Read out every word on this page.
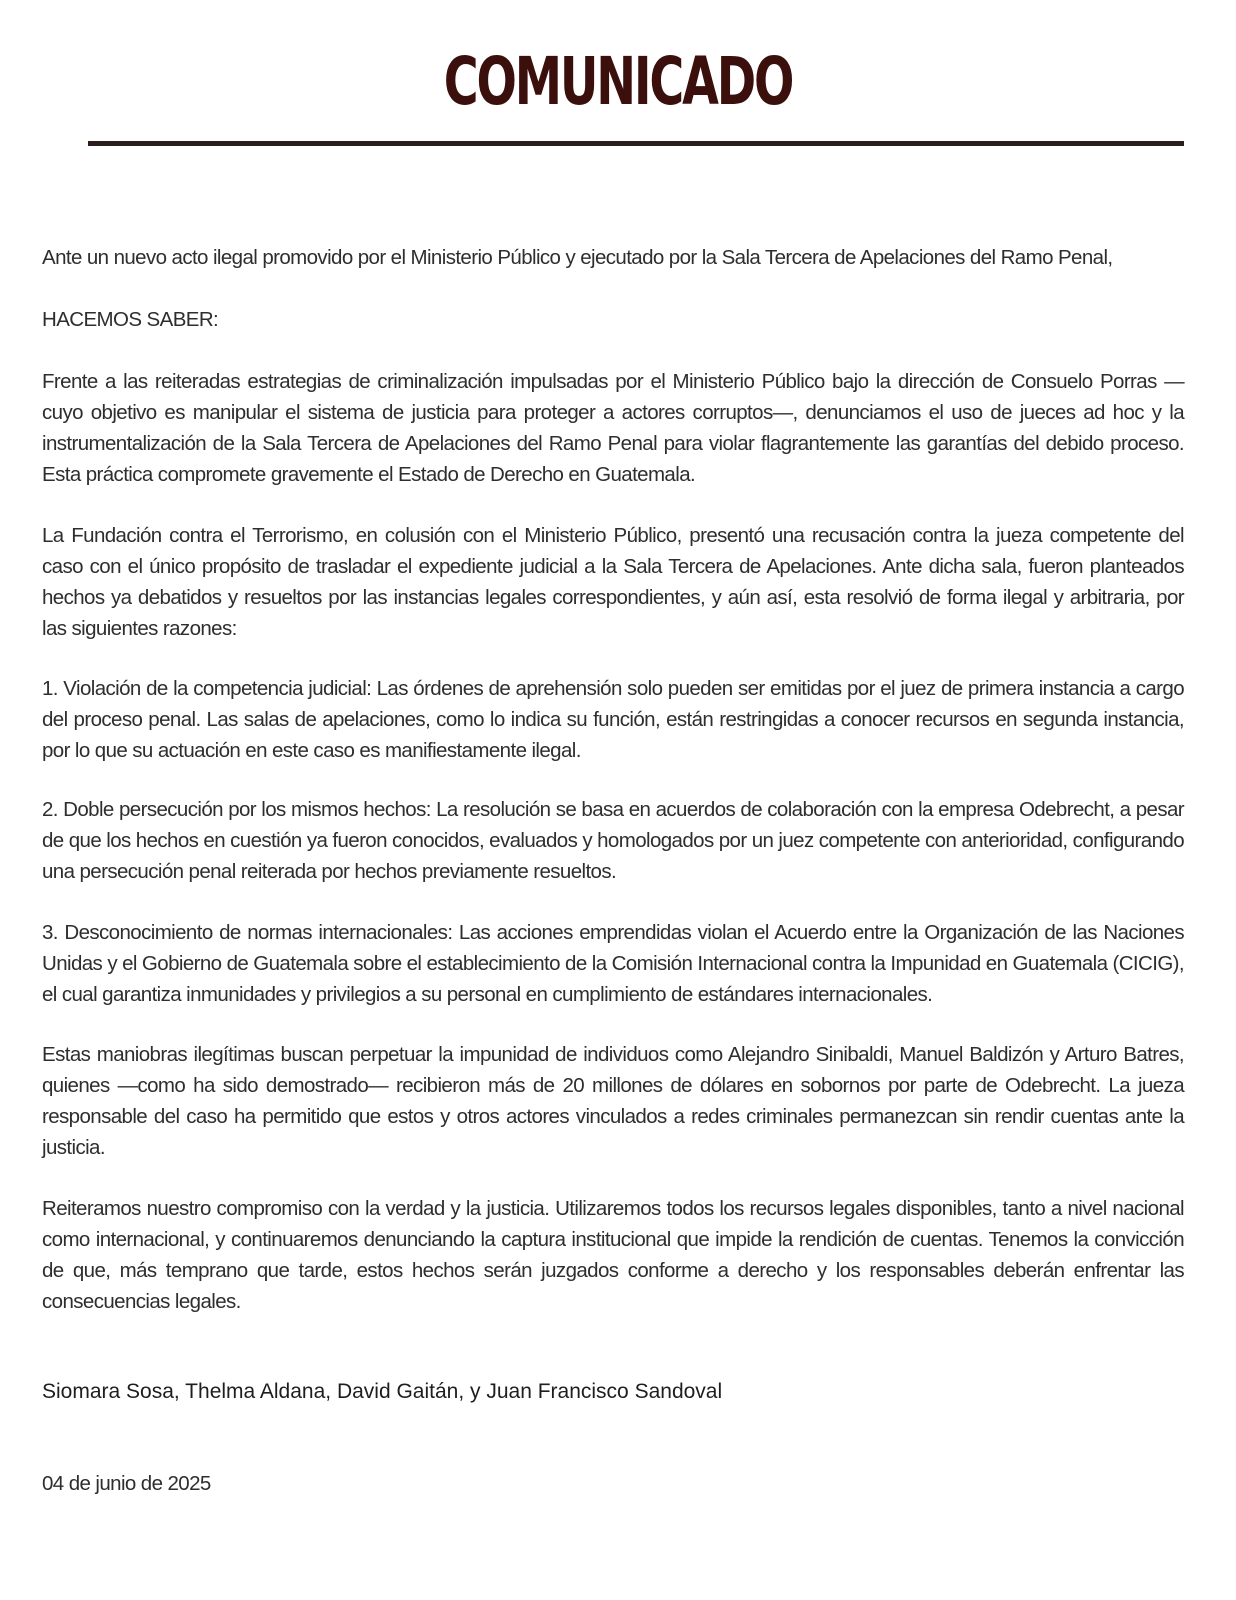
COMUNICADO

Ante un nuevo acto ilegal promovido por el Ministerio Público y ejecutado por la Sala Tercera de Apelaciones del Ramo Penal,

HACEMOS SABER:

Frente a las reiteradas estrategias de criminalización impulsadas por el Ministerio Público bajo la dirección de Consuelo Porras —cuyo objetivo es manipular el sistema de justicia para proteger a actores corruptos—, denunciamos el uso de jueces ad hoc y la instrumentalización de la Sala Tercera de Apelaciones del Ramo Penal para violar flagrantemente las garantías del debido proceso. Esta práctica compromete gravemente el Estado de Derecho en Guatemala.

La Fundación contra el Terrorismo, en colusión con el Ministerio Público, presentó una recusación contra la jueza competente del caso con el único propósito de trasladar el expediente judicial a la Sala Tercera de Apelaciones. Ante dicha sala, fueron planteados hechos ya debatidos y resueltos por las instancias legales correspondientes, y aún así, esta resolvió de forma ilegal y arbitraria, por las siguientes razones:

1. Violación de la competencia judicial: Las órdenes de aprehensión solo pueden ser emitidas por el juez de primera instancia a cargo del proceso penal. Las salas de apelaciones, como lo indica su función, están restringidas a conocer recursos en segunda instancia, por lo que su actuación en este caso es manifiestamente ilegal.

2. Doble persecución por los mismos hechos: La resolución se basa en acuerdos de colaboración con la empresa Odebrecht, a pesar de que los hechos en cuestión ya fueron conocidos, evaluados y homologados por un juez competente con anterioridad, configurando una persecución penal reiterada por hechos previamente resueltos.

3. Desconocimiento de normas internacionales: Las acciones emprendidas violan el Acuerdo entre la Organización de las Naciones Unidas y el Gobierno de Guatemala sobre el establecimiento de la Comisión Internacional contra la Impunidad en Guatemala (CICIG), el cual garantiza inmunidades y privilegios a su personal en cumplimiento de estándares internacionales.

Estas maniobras ilegítimas buscan perpetuar la impunidad de individuos como Alejandro Sinibaldi, Manuel Baldizón y Arturo Batres, quienes —como ha sido demostrado— recibieron más de 20 millones de dólares en sobornos por parte de Odebrecht. La jueza responsable del caso ha permitido que estos y otros actores vinculados a redes criminales permanezcan sin rendir cuentas ante la justicia.

Reiteramos nuestro compromiso con la verdad y la justicia. Utilizaremos todos los recursos legales disponibles, tanto a nivel nacional como internacional, y continuaremos denunciando la captura institucional que impide la rendición de cuentas. Tenemos la convicción de que, más temprano que tarde, estos hechos serán juzgados conforme a derecho y los responsables deberán enfrentar las consecuencias legales.

Siomara Sosa, Thelma Aldana, David Gaitán, y Juan Francisco Sandoval
04 de junio de 2025
